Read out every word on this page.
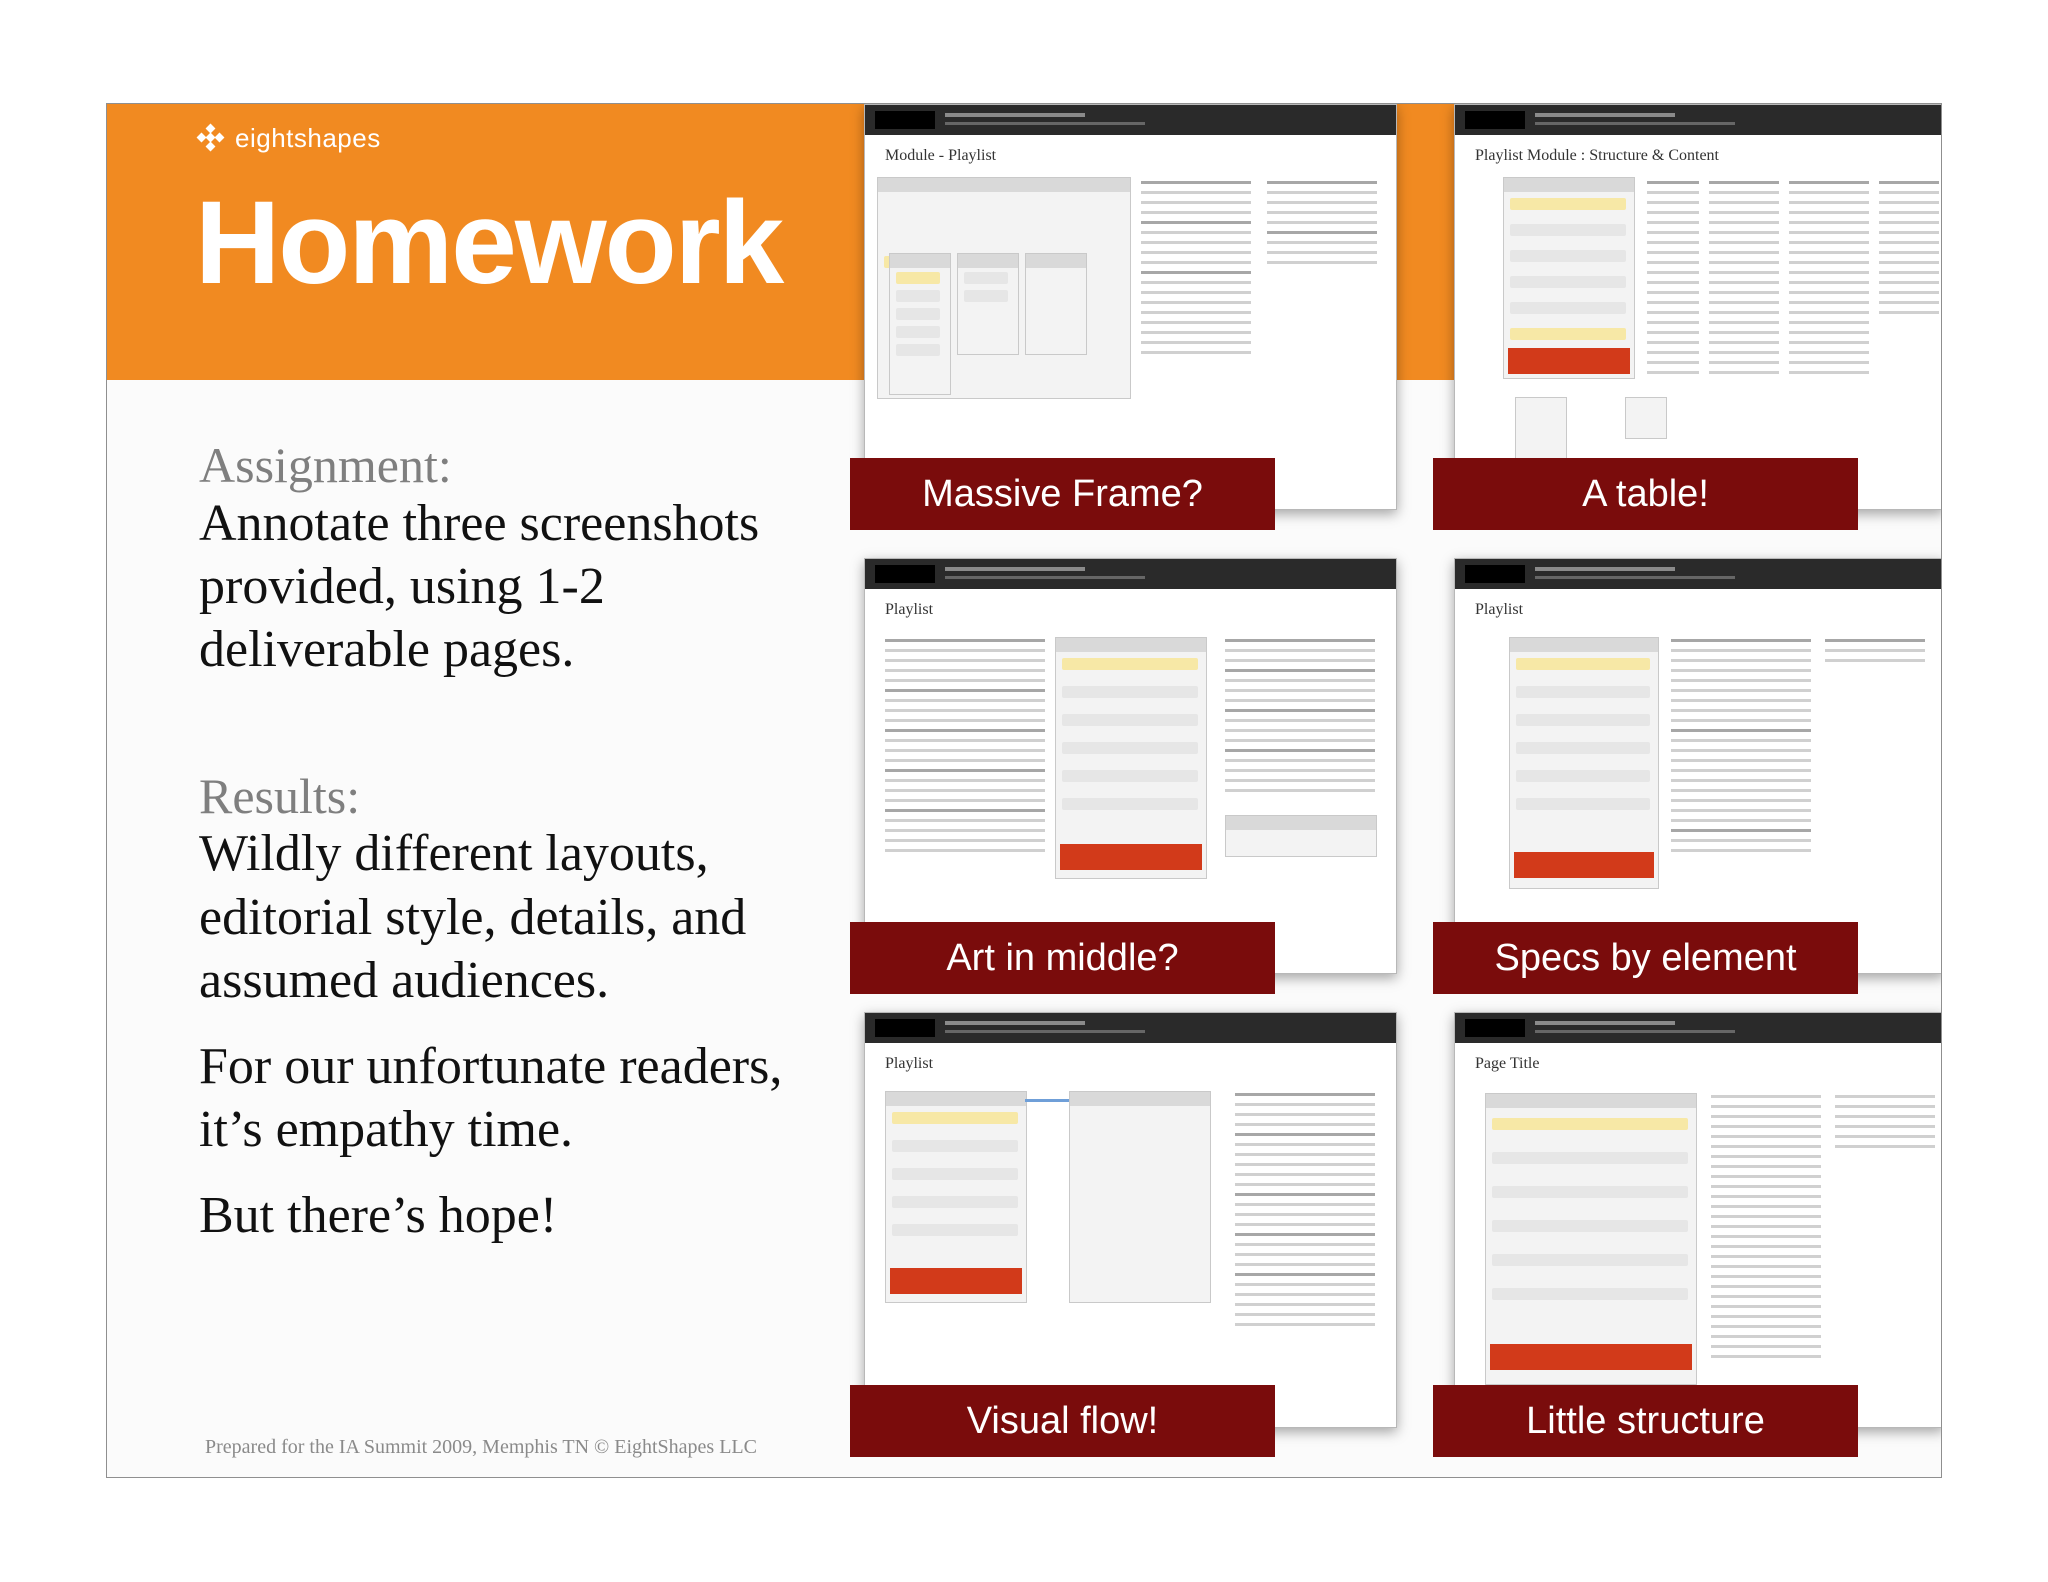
eightshapes
Homework

Assignment:

Annotate three screenshots provided, using 1-2 deliverable pages.

Results:

Wildly different layouts, editorial style, details, and assumed audiences.

For our unfortunate readers, it’s empathy time.

But there’s hope!

Prepared for the IA Summit 2009, Memphis TN © EightShapes LLC
Module - Playlist	Playlist Module : Structure & Content
Playlist	Playlist
Playlist	Page Title
Massive Frame?	A table!
Art in middle?	Specs by element
Visual flow!	Little structure
